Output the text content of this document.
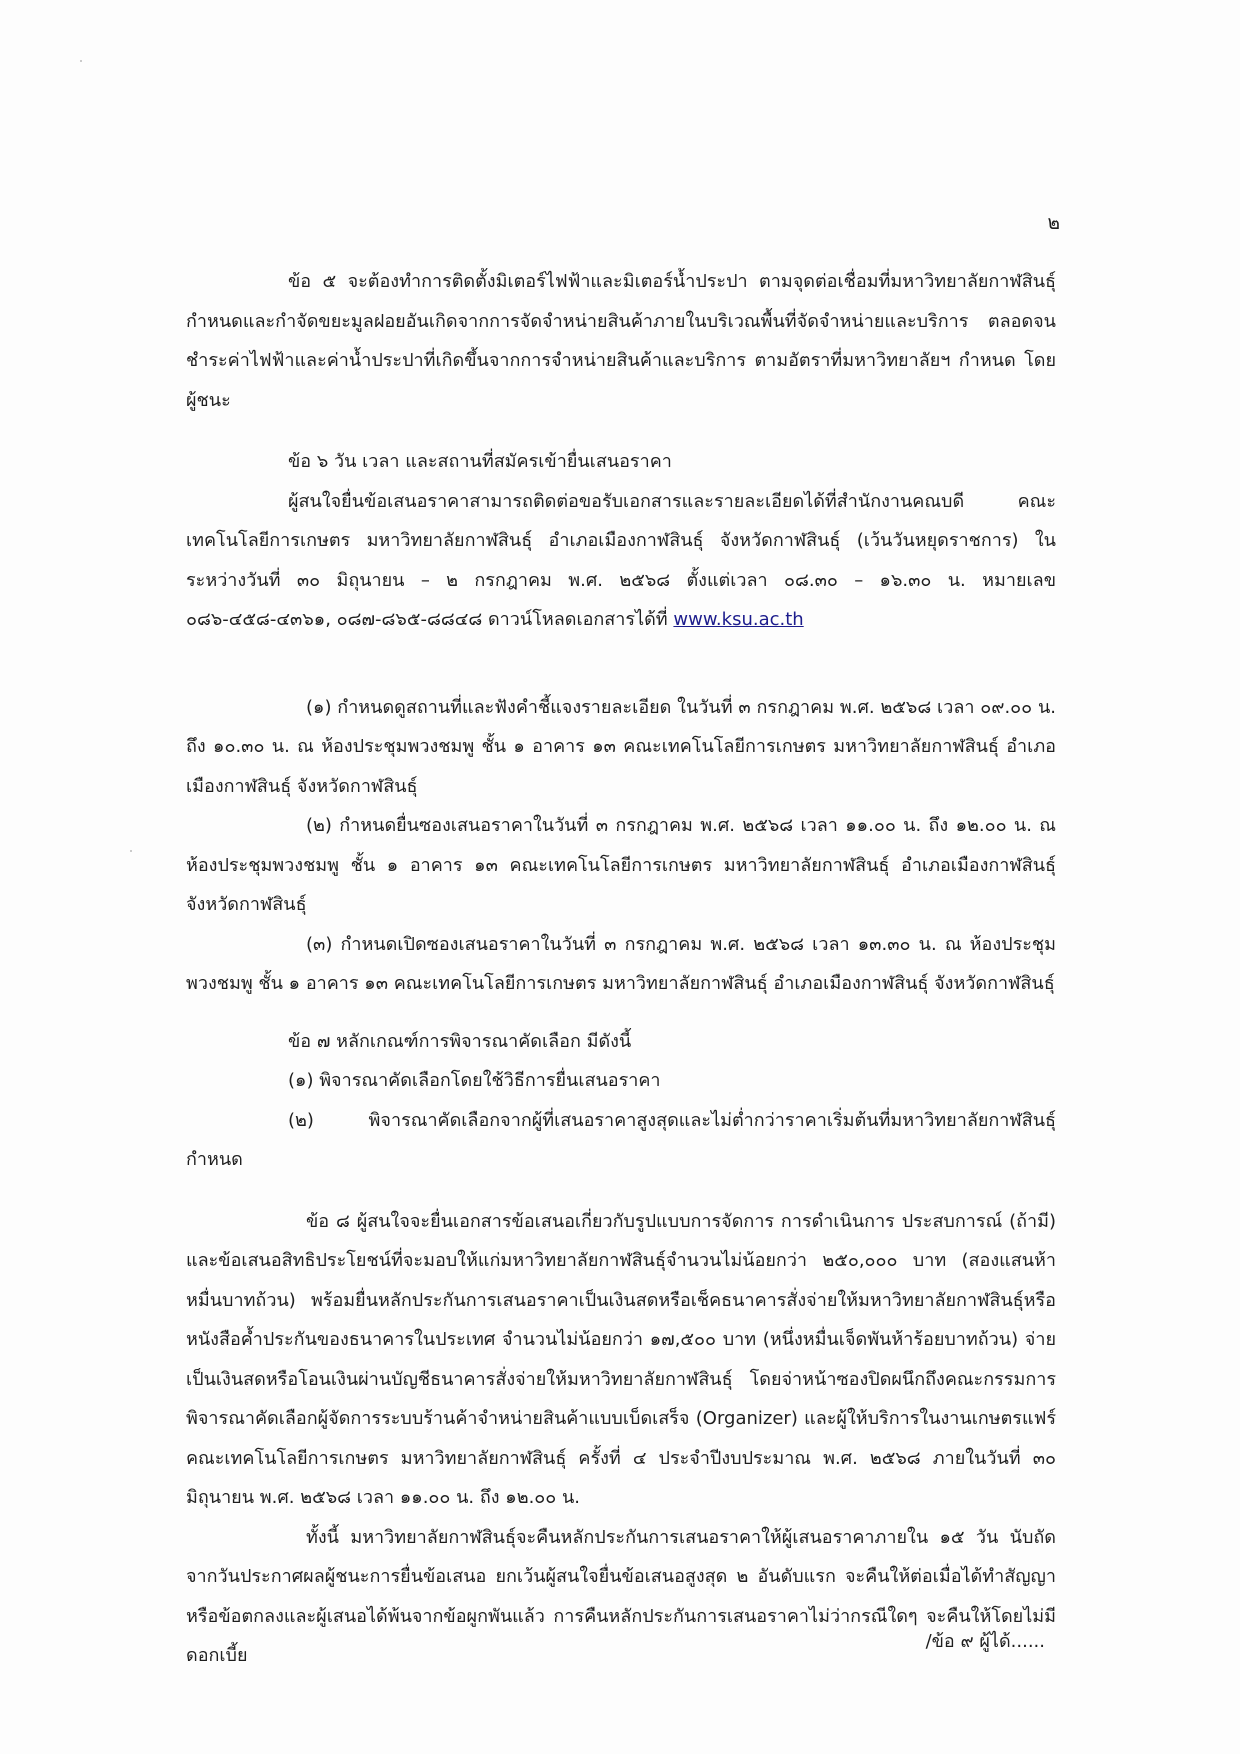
๒

ข้อ ๕ จะต้องทำการติดตั้งมิเตอร์ไฟฟ้าและมิเตอร์น้ำประปา ตามจุดต่อเชื่อมที่มหาวิทยาลัยกาฬสินธุ์กำหนดและกำจัดขยะมูลฝอยอันเกิดจากการจัดจำหน่ายสินค้าภายในบริเวณพื้นที่จัดจำหน่ายและบริการ ตลอดจนชำระค่าไฟฟ้าและค่าน้ำประปาที่เกิดขึ้นจากการจำหน่ายสินค้าและบริการ ตามอัตราที่มหาวิทยาลัยฯ กำหนด โดยผู้ชนะ

ข้อ ๖ วัน เวลา และสถานที่สมัครเข้ายื่นเสนอราคา

ผู้สนใจยื่นข้อเสนอราคาสามารถติดต่อขอรับเอกสารและรายละเอียดได้ที่สำนักงานคณบดี คณะเทคโนโลยีการเกษตร มหาวิทยาลัยกาฬสินธุ์ อำเภอเมืองกาฬสินธุ์ จังหวัดกาฬสินธุ์ (เว้นวันหยุดราชการ) ในระหว่างวันที่ ๓๐ มิถุนายน – ๒ กรกฎาคม พ.ศ. ๒๕๖๘ ตั้งแต่เวลา ๐๘.๓๐ – ๑๖.๓๐ น. หมายเลข ๐๘๖-๔๕๘-๔๓๖๑, ๐๘๗-๘๖๕-๘๘๔๘ ดาวน์โหลดเอกสารได้ที่ www.ksu.ac.th

(๑) กำหนดดูสถานที่และฟังคำชี้แจงรายละเอียด ในวันที่ ๓ กรกฎาคม พ.ศ. ๒๕๖๘ เวลา ๐๙.๐๐ น. ถึง ๑๐.๓๐ น. ณ ห้องประชุมพวงชมพู ชั้น ๑ อาคาร ๑๓ คณะเทคโนโลยีการเกษตร มหาวิทยาลัยกาฬสินธุ์ อำเภอเมืองกาฬสินธุ์ จังหวัดกาฬสินธุ์

(๒) กำหนดยื่นซองเสนอราคาในวันที่ ๓ กรกฎาคม พ.ศ. ๒๕๖๘ เวลา ๑๑.๐๐ น. ถึง ๑๒.๐๐ น. ณ ห้องประชุมพวงชมพู ชั้น ๑ อาคาร ๑๓ คณะเทคโนโลยีการเกษตร มหาวิทยาลัยกาฬสินธุ์ อำเภอเมืองกาฬสินธุ์ จังหวัดกาฬสินธุ์

(๓) กำหนดเปิดซองเสนอราคาในวันที่ ๓ กรกฎาคม พ.ศ. ๒๕๖๘ เวลา ๑๓.๓๐ น. ณ ห้องประชุมพวงชมพู ชั้น ๑ อาคาร ๑๓ คณะเทคโนโลยีการเกษตร มหาวิทยาลัยกาฬสินธุ์ อำเภอเมืองกาฬสินธุ์ จังหวัดกาฬสินธุ์

ข้อ ๗ หลักเกณฑ์การพิจารณาคัดเลือก มีดังนี้

(๑) พิจารณาคัดเลือกโดยใช้วิธีการยื่นเสนอราคา

(๒) พิจารณาคัดเลือกจากผู้ที่เสนอราคาสูงสุดและไม่ต่ำกว่าราคาเริ่มต้นที่มหาวิทยาลัยกาฬสินธุ์กำหนด

ข้อ ๘ ผู้สนใจจะยื่นเอกสารข้อเสนอเกี่ยวกับรูปแบบการจัดการ การดำเนินการ ประสบการณ์ (ถ้ามี) และข้อเสนอสิทธิประโยชน์ที่จะมอบให้แก่มหาวิทยาลัยกาฬสินธุ์จำนวนไม่น้อยกว่า ๒๕๐,๐๐๐ บาท (สองแสนห้าหมื่นบาทถ้วน) พร้อมยื่นหลักประกันการเสนอราคาเป็นเงินสดหรือเช็คธนาคารสั่งจ่ายให้มหาวิทยาลัยกาฬสินธุ์หรือหนังสือค้ำประกันของธนาคารในประเทศ จำนวนไม่น้อยกว่า ๑๗,๕๐๐ บาท (หนึ่งหมื่นเจ็ดพันห้าร้อยบาทถ้วน) จ่ายเป็นเงินสดหรือโอนเงินผ่านบัญชีธนาคารสั่งจ่ายให้มหาวิทยาลัยกาฬสินธุ์ โดยจ่าหน้าซองปิดผนึกถึงคณะกรรมการพิจารณาคัดเลือกผู้จัดการระบบร้านค้าจำหน่ายสินค้าแบบเบ็ดเสร็จ (Organizer) และผู้ให้บริการในงานเกษตรแฟร์ คณะเทคโนโลยีการเกษตร มหาวิทยาลัยกาฬสินธุ์ ครั้งที่ ๔ ประจำปีงบประมาณ พ.ศ. ๒๕๖๘ ภายในวันที่ ๓๐ มิถุนายน พ.ศ. ๒๕๖๘ เวลา ๑๑.๐๐ น. ถึง ๑๒.๐๐ น.

ทั้งนี้ มหาวิทยาลัยกาฬสินธุ์จะคืนหลักประกันการเสนอราคาให้ผู้เสนอราคาภายใน ๑๕ วัน นับถัดจากวันประกาศผลผู้ชนะการยื่นข้อเสนอ ยกเว้นผู้สนใจยื่นข้อเสนอสูงสุด ๒ อันดับแรก จะคืนให้ต่อเมื่อได้ทำสัญญาหรือข้อตกลงและผู้เสนอได้พ้นจากข้อผูกพันแล้ว การคืนหลักประกันการเสนอราคาไม่ว่ากรณีใดๆ จะคืนให้โดยไม่มีดอกเบี้ย

/ข้อ ๙ ผู้ได้......
